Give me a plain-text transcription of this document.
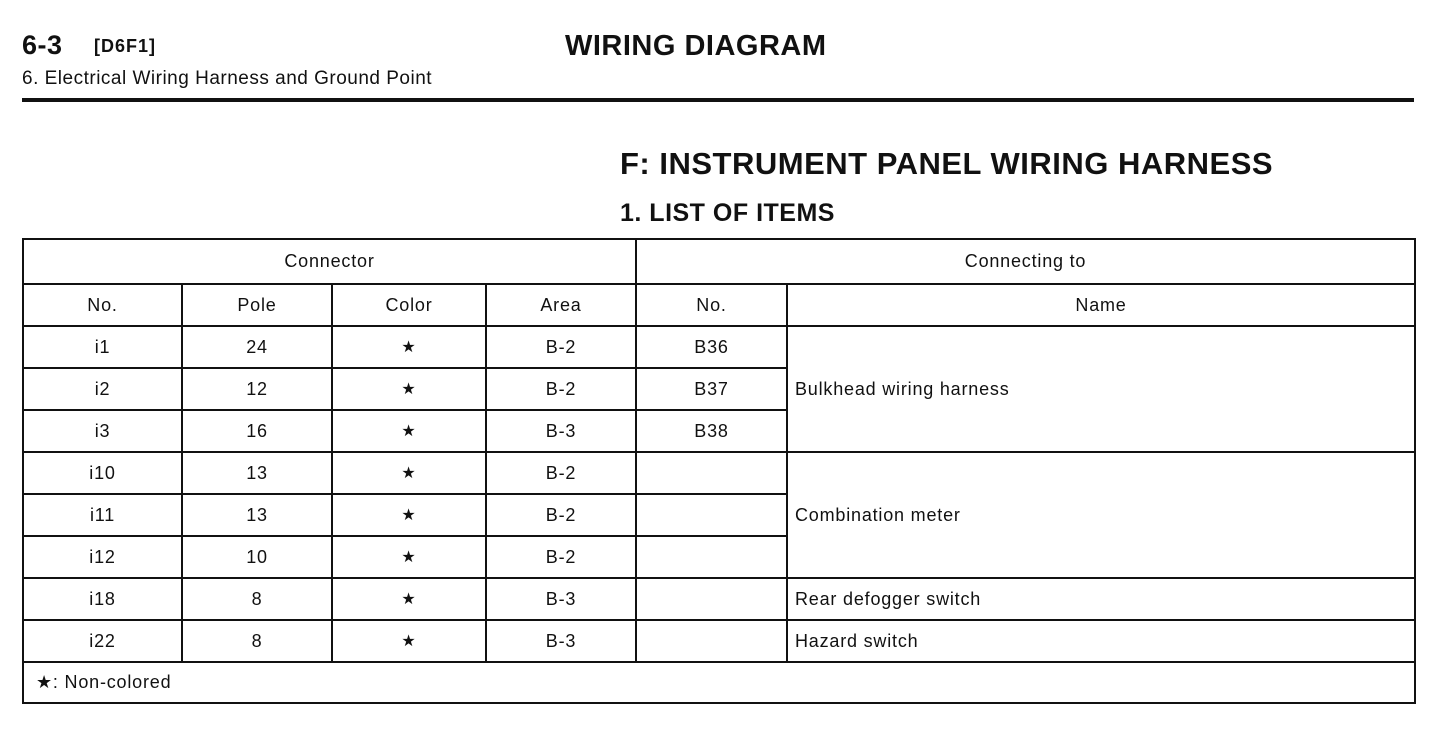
6-3 [D6F1]	WIRING DIAGRAM
6. Electrical Wiring Harness and Ground Point
F: INSTRUMENT PANEL WIRING HARNESS
1. LIST OF ITEMS
Connector				Connecting to	
No.	Pole	Color	Area	No.	Name
i1	24	★	B-2	B36	Bulkhead wiring harness
i2	12	★	B-2	B37	
i3	16	★	B-3	B38	
i10	13	★	B-2		Combination meter
i11	13	★	B-2		
i12	10	★	B-2		
i18	8	★	B-3		Rear defogger switch
i22	8	★	B-3		Hazard switch
★: Non-colored					
